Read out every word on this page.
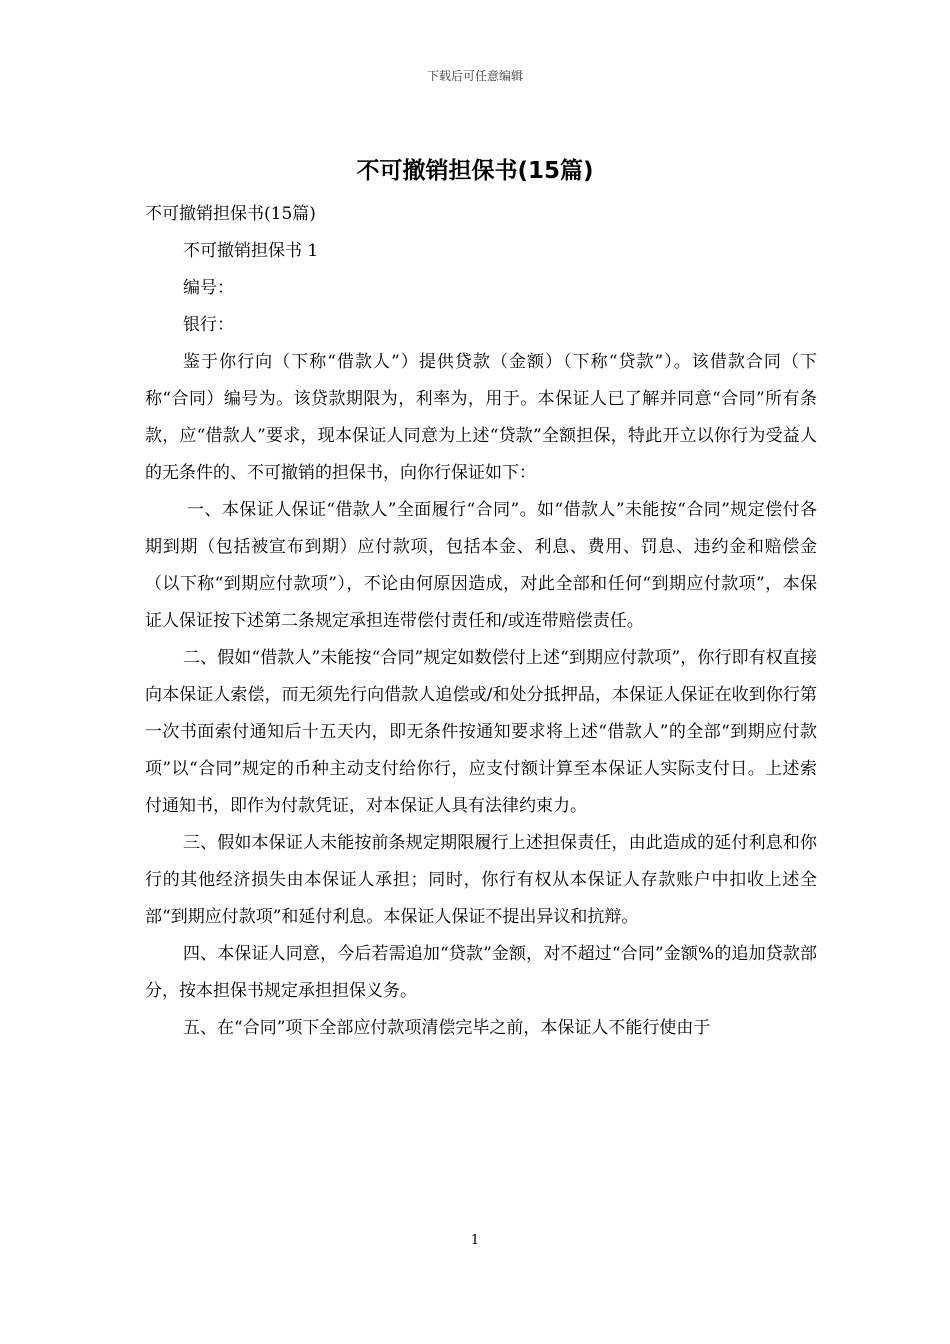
下载后可任意编辑
不可撤销担保书(15篇)

不可撤销担保书(15篇)

不可撤销担保书 1

编号：

银行：

鉴于你行向（下称“借款人”）提供贷款（金额）（下称“贷款”）。该借款合同（下称“合同）编号为。该贷款期限为，利率为，用于。本保证人已了解并同意“合同”所有条款，应“借款人”要求，现本保证人同意为上述“贷款”全额担保，特此开立以你行为受益人的无条件的、不可撤销的担保书，向你行保证如下：

一、本保证人保证“借款人”全面履行“合同”。如“借款人”未能按“合同”规定偿付各期到期（包括被宣布到期）应付款项，包括本金、利息、费用、罚息、违约金和赔偿金（以下称“到期应付款项”），不论由何原因造成，对此全部和任何“到期应付款项”，本保证人保证按下述第二条规定承担连带偿付责任和/或连带赔偿责任。

二、假如“借款人”未能按“合同”规定如数偿付上述“到期应付款项”，你行即有权直接向本保证人索偿，而无须先行向借款人追偿或/和处分抵押品，本保证人保证在收到你行第一次书面索付通知后十五天内，即无条件按通知要求将上述“借款人”的全部“到期应付款项”以“合同”规定的币种主动支付给你行，应支付额计算至本保证人实际支付日。上述索付通知书，即作为付款凭证，对本保证人具有法律约束力。

三、假如本保证人未能按前条规定期限履行上述担保责任，由此造成的延付利息和你行的其他经济损失由本保证人承担；同时，你行有权从本保证人存款账户中扣收上述全部“到期应付款项”和延付利息。本保证人保证不提出异议和抗辩。

四、本保证人同意，今后若需追加“贷款”金额，对不超过“合同”金额%的追加贷款部分，按本担保书规定承担担保义务。

五、在“合同”项下全部应付款项清偿完毕之前，本保证人不能行使由于

1
